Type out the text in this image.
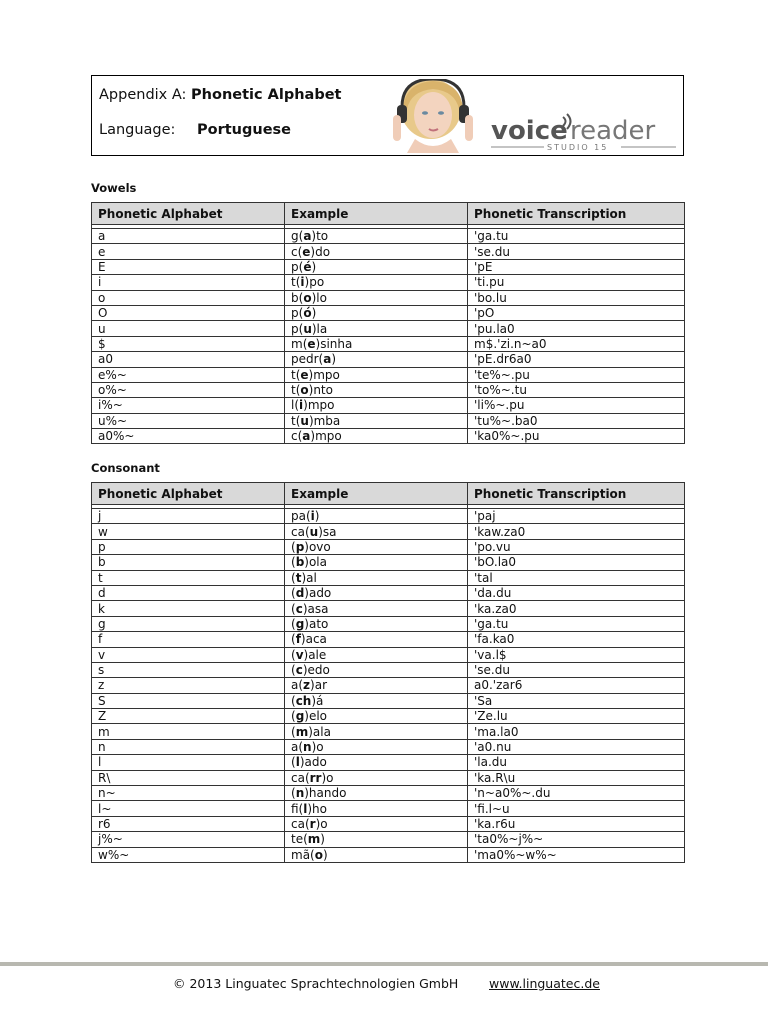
Appendix A: Phonetic Alphabet
Language: Portuguese	voice reader
STUDIO 15
Vowels
Phonetic Alphabet	Example	Phonetic Transcription

a	g(a)to	'ga.tu
e	c(e)do	'se.du
E	p(é)	'pE
i	t(i)po	'ti.pu
o	b(o)lo	'bo.lu
O	p(ó)	'pO
u	p(u)la	'pu.la0
$	m(e)sinha	m$.'zi.n~a0
a0	pedr(a)	'pE.dr6a0
e%~	t(e)mpo	'te%~.pu
o%~	t(o)nto	'to%~.tu
i%~	l(i)mpo	'li%~.pu
u%~	t(u)mba	'tu%~.ba0
a0%~	c(a)mpo	'ka0%~.pu
Consonant
Phonetic Alphabet	Example	Phonetic Transcription

j	pa(i)	'paj
w	ca(u)sa	'kaw.za0
p	(p)ovo	'po.vu
b	(b)ola	'bO.la0
t	(t)al	'tal
d	(d)ado	'da.du
k	(c)asa	'ka.za0
g	(g)ato	'ga.tu
f	(f)aca	'fa.ka0
v	(v)ale	'va.l$
s	(c)edo	'se.du
z	a(z)ar	a0.'zar6
S	(ch)á	'Sa
Z	(g)elo	'Ze.lu
m	(m)ala	'ma.la0
n	a(n)o	'a0.nu
l	(l)ado	'la.du
R\	ca(rr)o	'ka.R\u
n~	(n)hando	'n~a0%~.du
l~	fi(l)ho	'fi.l~u
r6	ca(r)o	'ka.r6u
j%~	te(m)	'ta0%~j%~
w%~	mã(o)	'ma0%~w%~
© 2013 Linguatec Sprachtechnologien GmbH www.linguatec.de
